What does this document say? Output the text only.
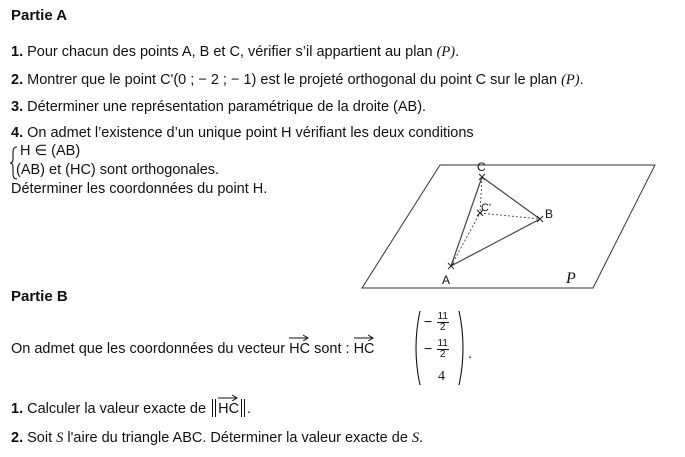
Partie A
1. Pour chacun des points A, B et C, vérifier s’il appartient au plan (P).
2. Montrer que le point C'(0 ; − 2 ; − 1) est le projeté orthogonal du point C sur le plan (P).
3. Déterminer une représentation paramétrique de la droite (AB).
4. On admet l’existence d’un unique point H vérifiant les deux conditions
H ∈ (AB)
(AB) et (HC) sont orthogonales.
Déterminer les coordonnées du point H.
C
C'	B
A	P
Partie B
On admet que les coordonnées du vecteur
HC sont :
HC
− $\frac{11}{2}$
− $\frac{11}{2}$
4
.
1. Calculer la valeur exacte de
HC .
2. Soit S l'aire du triangle ABC. Déterminer la valeur exacte de S.
